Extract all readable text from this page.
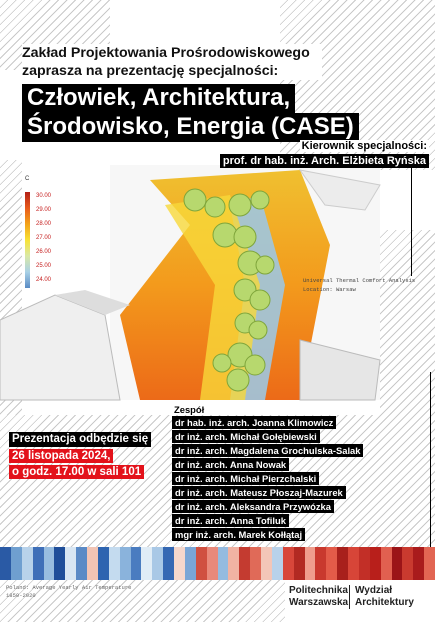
Zakład Projektowania Prośrodowiskowego
zaprasza na prezentację specjalności:
Człowiek, Architektura,
Środowisko, Energia (CASE)
Kierownik specjalności:
prof. dr hab. inż. Arch. Elżbieta Ryńska
C
30.00
29.00
28.00
27.00
26.00
25.00
24.00	Universal Thermal Comfort Analysis
Location: Warsaw
Prezentacja odbędzie się
26 listopada 2024,
o godz. 17.00 w sali 101
Zespół
dr hab. inż. arch. Joanna Klimowicz
dr inż. arch. Michał Gołębiewski
dr inż. arch. Magdalena Grochulska-Salak
dr inż. arch. Anna Nowak
dr inż. arch. Michał Pierzchalski
dr inż. arch. Mateusz Płoszaj-Mazurek
dr inż. arch. Aleksandra Przywózka
dr inż. arch. Anna Tofiluk
mgr inż. arch. Marek Kołłątaj
Poland: Average Yearly Air Temperature
1850-2020	Politechnika
Warszawska
Wydział
Architektury
